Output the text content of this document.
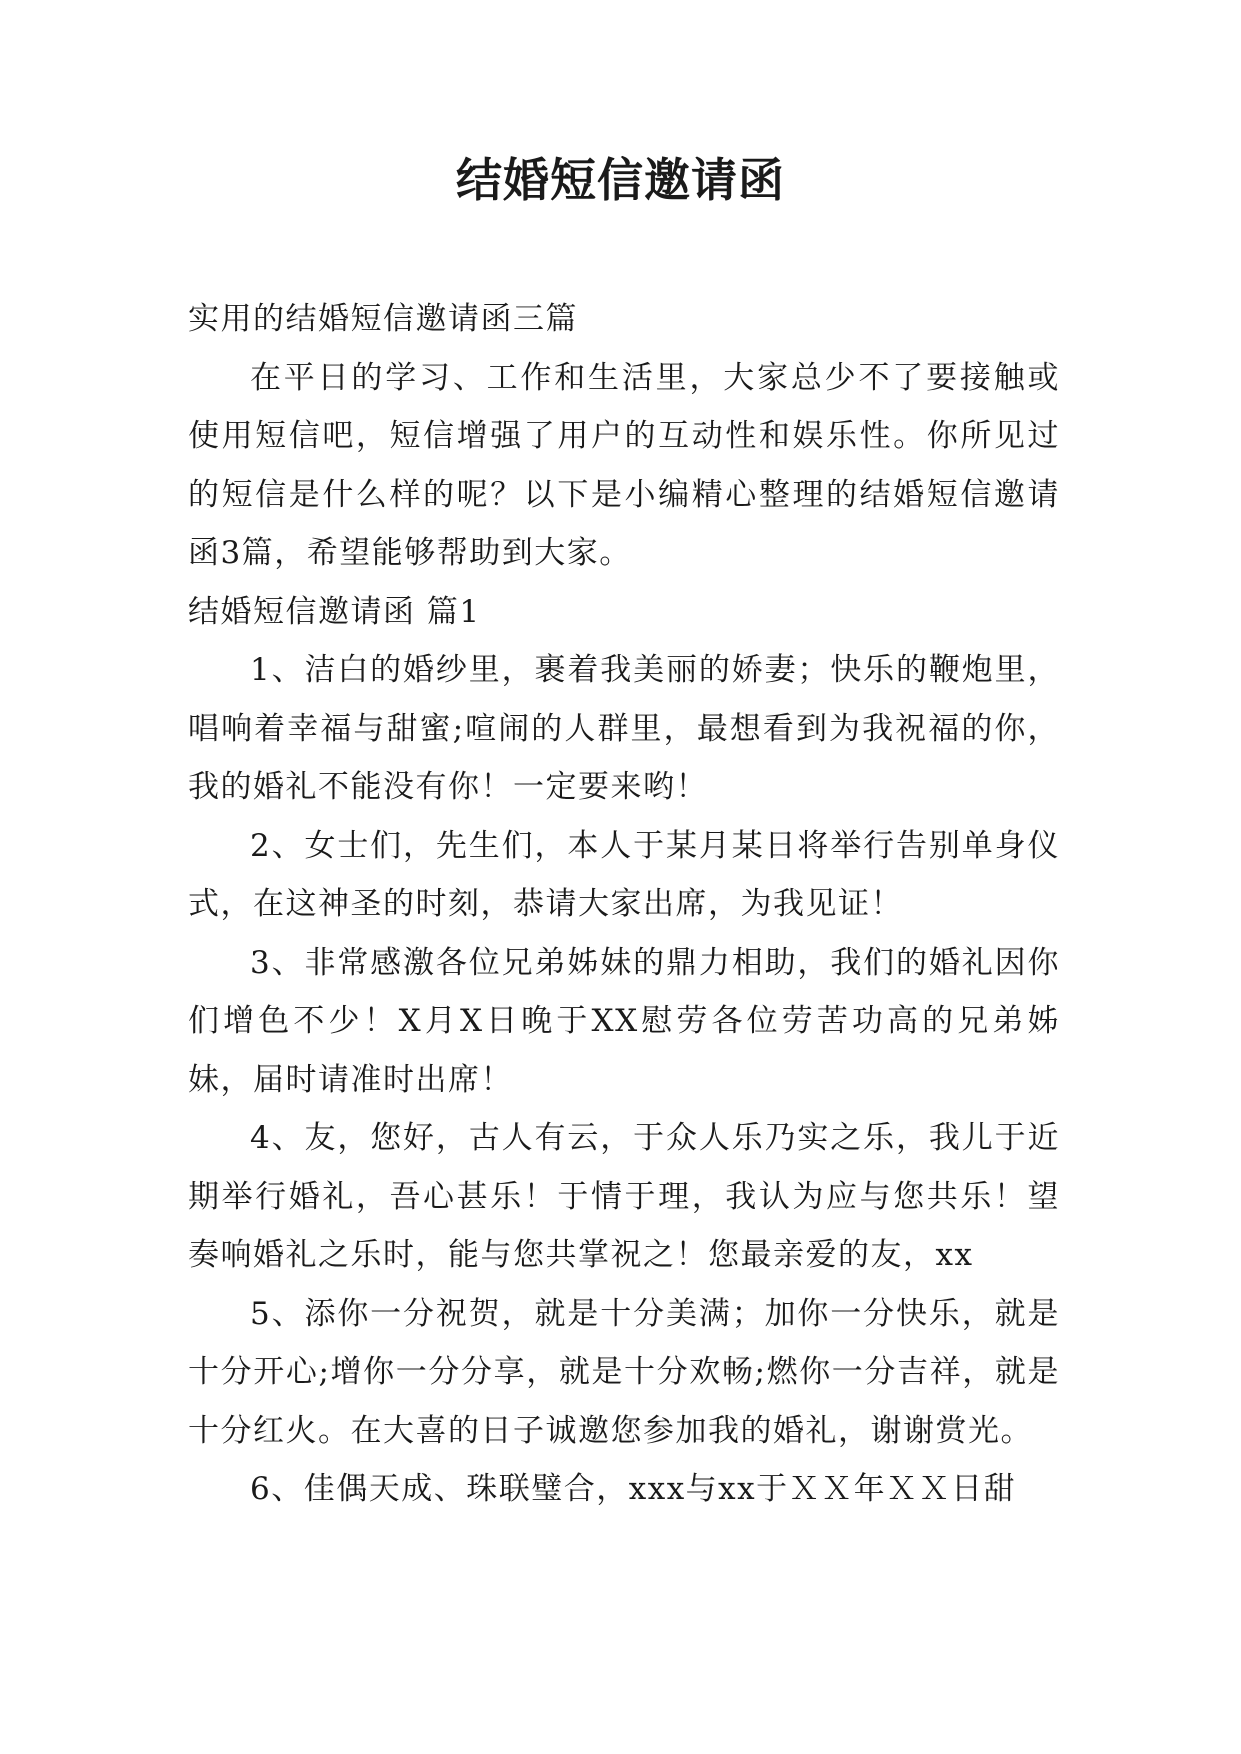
结婚短信邀请函

实用的结婚短信邀请函三篇

在平日的学习、工作和生活里，大家总少不了要接触或使用短信吧，短信增强了用户的互动性和娱乐性。你所见过的短信是什么样的呢？以下是小编精心整理的结婚短信邀请函3篇，希望能够帮助到大家。

结婚短信邀请函 篇1

1、洁白的婚纱里，裹着我美丽的娇妻；快乐的鞭炮里，唱响着幸福与甜蜜;喧闹的人群里，最想看到为我祝福的你，我的婚礼不能没有你！一定要来哟！

2、女士们，先生们，本人于某月某日将举行告别单身仪式，在这神圣的时刻，恭请大家出席，为我见证！

3、非常感激各位兄弟姊妹的鼎力相助，我们的婚礼因你们增色不少！X月X日晚于XX慰劳各位劳苦功高的兄弟姊妹，届时请准时出席！

4、友，您好，古人有云，于众人乐乃实之乐，我儿于近期举行婚礼，吾心甚乐！于情于理，我认为应与您共乐！望奏响婚礼之乐时，能与您共掌祝之！您最亲爱的友，xx

5、添你一分祝贺，就是十分美满；加你一分快乐，就是十分开心;增你一分分享，就是十分欢畅;燃你一分吉祥，就是十分红火。在大喜的日子诚邀您参加我的婚礼，谢谢赏光。

6、佳偶天成、珠联璧合，xxx与xx于ＸＸ年ＸＸ日甜
